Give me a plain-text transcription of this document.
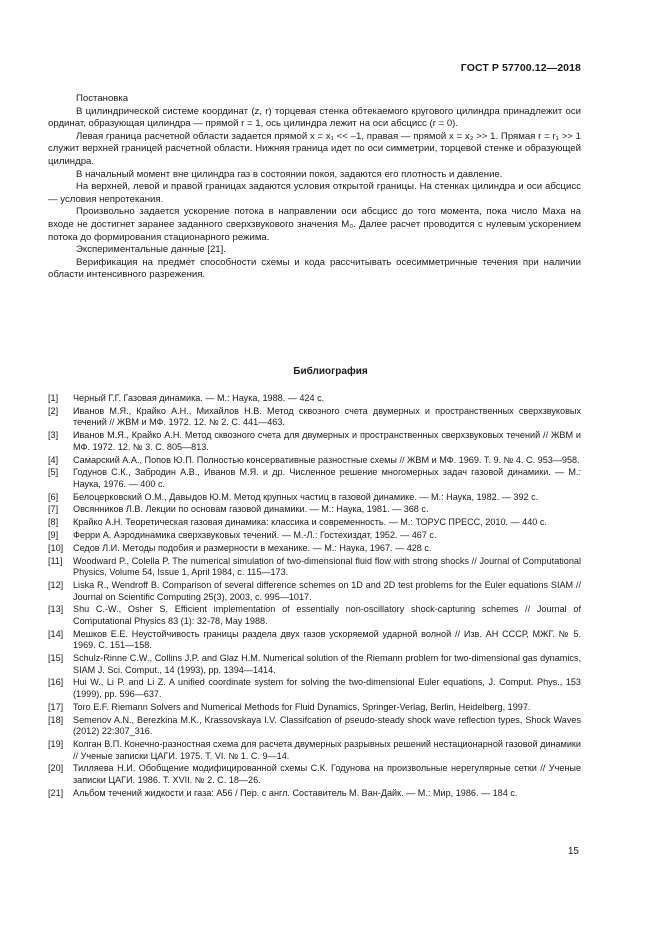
ГОСТ Р 57700.12—2018

Постановка

В цилиндрической системе координат (z, r) торцевая стенка обтекаемого кругового цилиндра принадлежит оси ординат, образующая цилиндра — прямой r = 1, ось цилиндра лежит на оси абсцисс (r = 0).

Левая граница расчетной области задается прямой x = x₁ << –1, правая — прямой x = x₂ >> 1. Прямая r = r₁ >> 1 служит верхней границей расчетной области. Нижняя граница идет по оси симметрии, торцевой стенке и образующей цилиндра.

В начальный момент вне цилиндра газ в состоянии покоя, задаются его плотность и давление.

На верхней, левой и правой границах задаются условия открытой границы. На стенках цилиндра и оси абсцисс — условия непротекания.

Произвольно задается ускорение потока в направлении оси абсцисс до того момента, пока число Маха на входе не достигнет заранее заданного сверхзвукового значения M₀. Далее расчет проводится с нулевым ускорением потока до формирования стационарного режима.

Экспериментальные данные [21].

Верификация на предмет способности схемы и кода рассчитывать осесимметричные течения при наличии области интенсивного разрежения.

Библиография
[1]	Черный Г.Г. Газовая динамика. — М.: Наука, 1988. — 424 с.
[2]	Иванов М.Я., Крайко А.Н., Михайлов Н.В. Метод сквозного счета двумерных и пространственных сверхзвуковых течений // ЖВМ и МФ. 1972. 12. № 2. С. 441—463.
[3]	Иванов М.Я., Крайко А.Н. Метод сквозного счета для двумерных и пространственных сверхзвуковых течений // ЖВМ и МФ. 1972. 12. № 3. С. 805—813.
[4]	Самарский А.А., Попов Ю.П. Полностью консервативные разностные схемы // ЖВМ и МФ. 1969. Т. 9. № 4. С. 953—958.
[5]	Годунов С.К., Забродин А.В., Иванов М.Я. и др. Численное решение многомерных задач газовой динамики. — М.: Наука, 1976. — 400 с.
[6]	Белоцерковский О.М., Давыдов Ю.М. Метод крупных частиц в газовой динамике. — М.: Наука, 1982. — 392 с.
[7]	Овсянников Л.В. Лекции по основам газовой динамики. — М.: Наука, 1981. — 368 с.
[8]	Крайко А.Н. Теоретическая газовая динамика: классика и современность. — М.: ТОРУС ПРЕСС, 2010. — 440 с.
[9]	Ферри А. Аэродинамика сверхзвуковых течений. — М.-Л.: Гостехиздат, 1952. — 467 с.
[10]	Седов Л.И. Методы подобия и размерности в механике. — М.: Наука, 1967. — 428 с.
[11]	Woodward P., Colella P. The numerical simulation of two-dimensional fluid flow with strong shocks // Journal of Computational Physics, Volume 54, Issue 1, April 1984, c. 115—173.
[12]	Liska R., Wendroff B. Comparison of several difference schemes on 1D and 2D test problems for the Euler equations SIAM // Journal on Scientific Computing 25(3), 2003, c. 995—1017.
[13]	Shu C.-W., Osher S. Efficient implementation of essentially non-oscillatory shock-capturing schemes // Journal of Computational Physics 83 (1): 32-78, May 1988.
[14]	Мешков Е.Е. Неустойчивость границы раздела двух газов ускоряемой ударной волной // Изв. АН СССР, МЖГ. № 5. 1969. С. 151—158.
[15]	Schulz-Rinne C.W., Collins J.P. and Glaz H.M. Numerical solution of the Riemann problem for two-dimensional gas dynamics, SIAM J. Sci. Comput., 14 (1993), pp. 1394—1414.
[16]	Hui W., Li P. and Li Z. A unified coordinate system for solving the two-dimensional Euler equations, J. Comput. Phys., 153 (1999), pp. 596—637.
[17]	Toro E.F. Riemann Solvers and Numerical Methods for Fluid Dynamics, Springer-Verlag, Berlin, Heidelberg, 1997.
[18]	Semenov A.N., Berezkina M.K., Krassovskaya I.V. Classifcation of pseudo-steady shock wave reflection types, Shock Waves (2012) 22:307_316.
[19]	Колган В.П. Конечно-разностная схема для расчета двумерных разрывных решений нестационарной газовой динамики // Ученые записки ЦАГИ. 1975. Т. VI. № 1. С. 9—14.
[20]	Тилляева Н.И. Обобщение модифицированной схемы С.К. Годунова на произвольные нерегулярные сетки // Ученые записки ЦАГИ. 1986. Т. XVII. № 2. С. 18—26.
[21]	Альбом течений жидкости и газа: А56 / Пер. с англ. Составитель М. Ван-Дайк. — М.: Мир, 1986. — 184 с.
15
